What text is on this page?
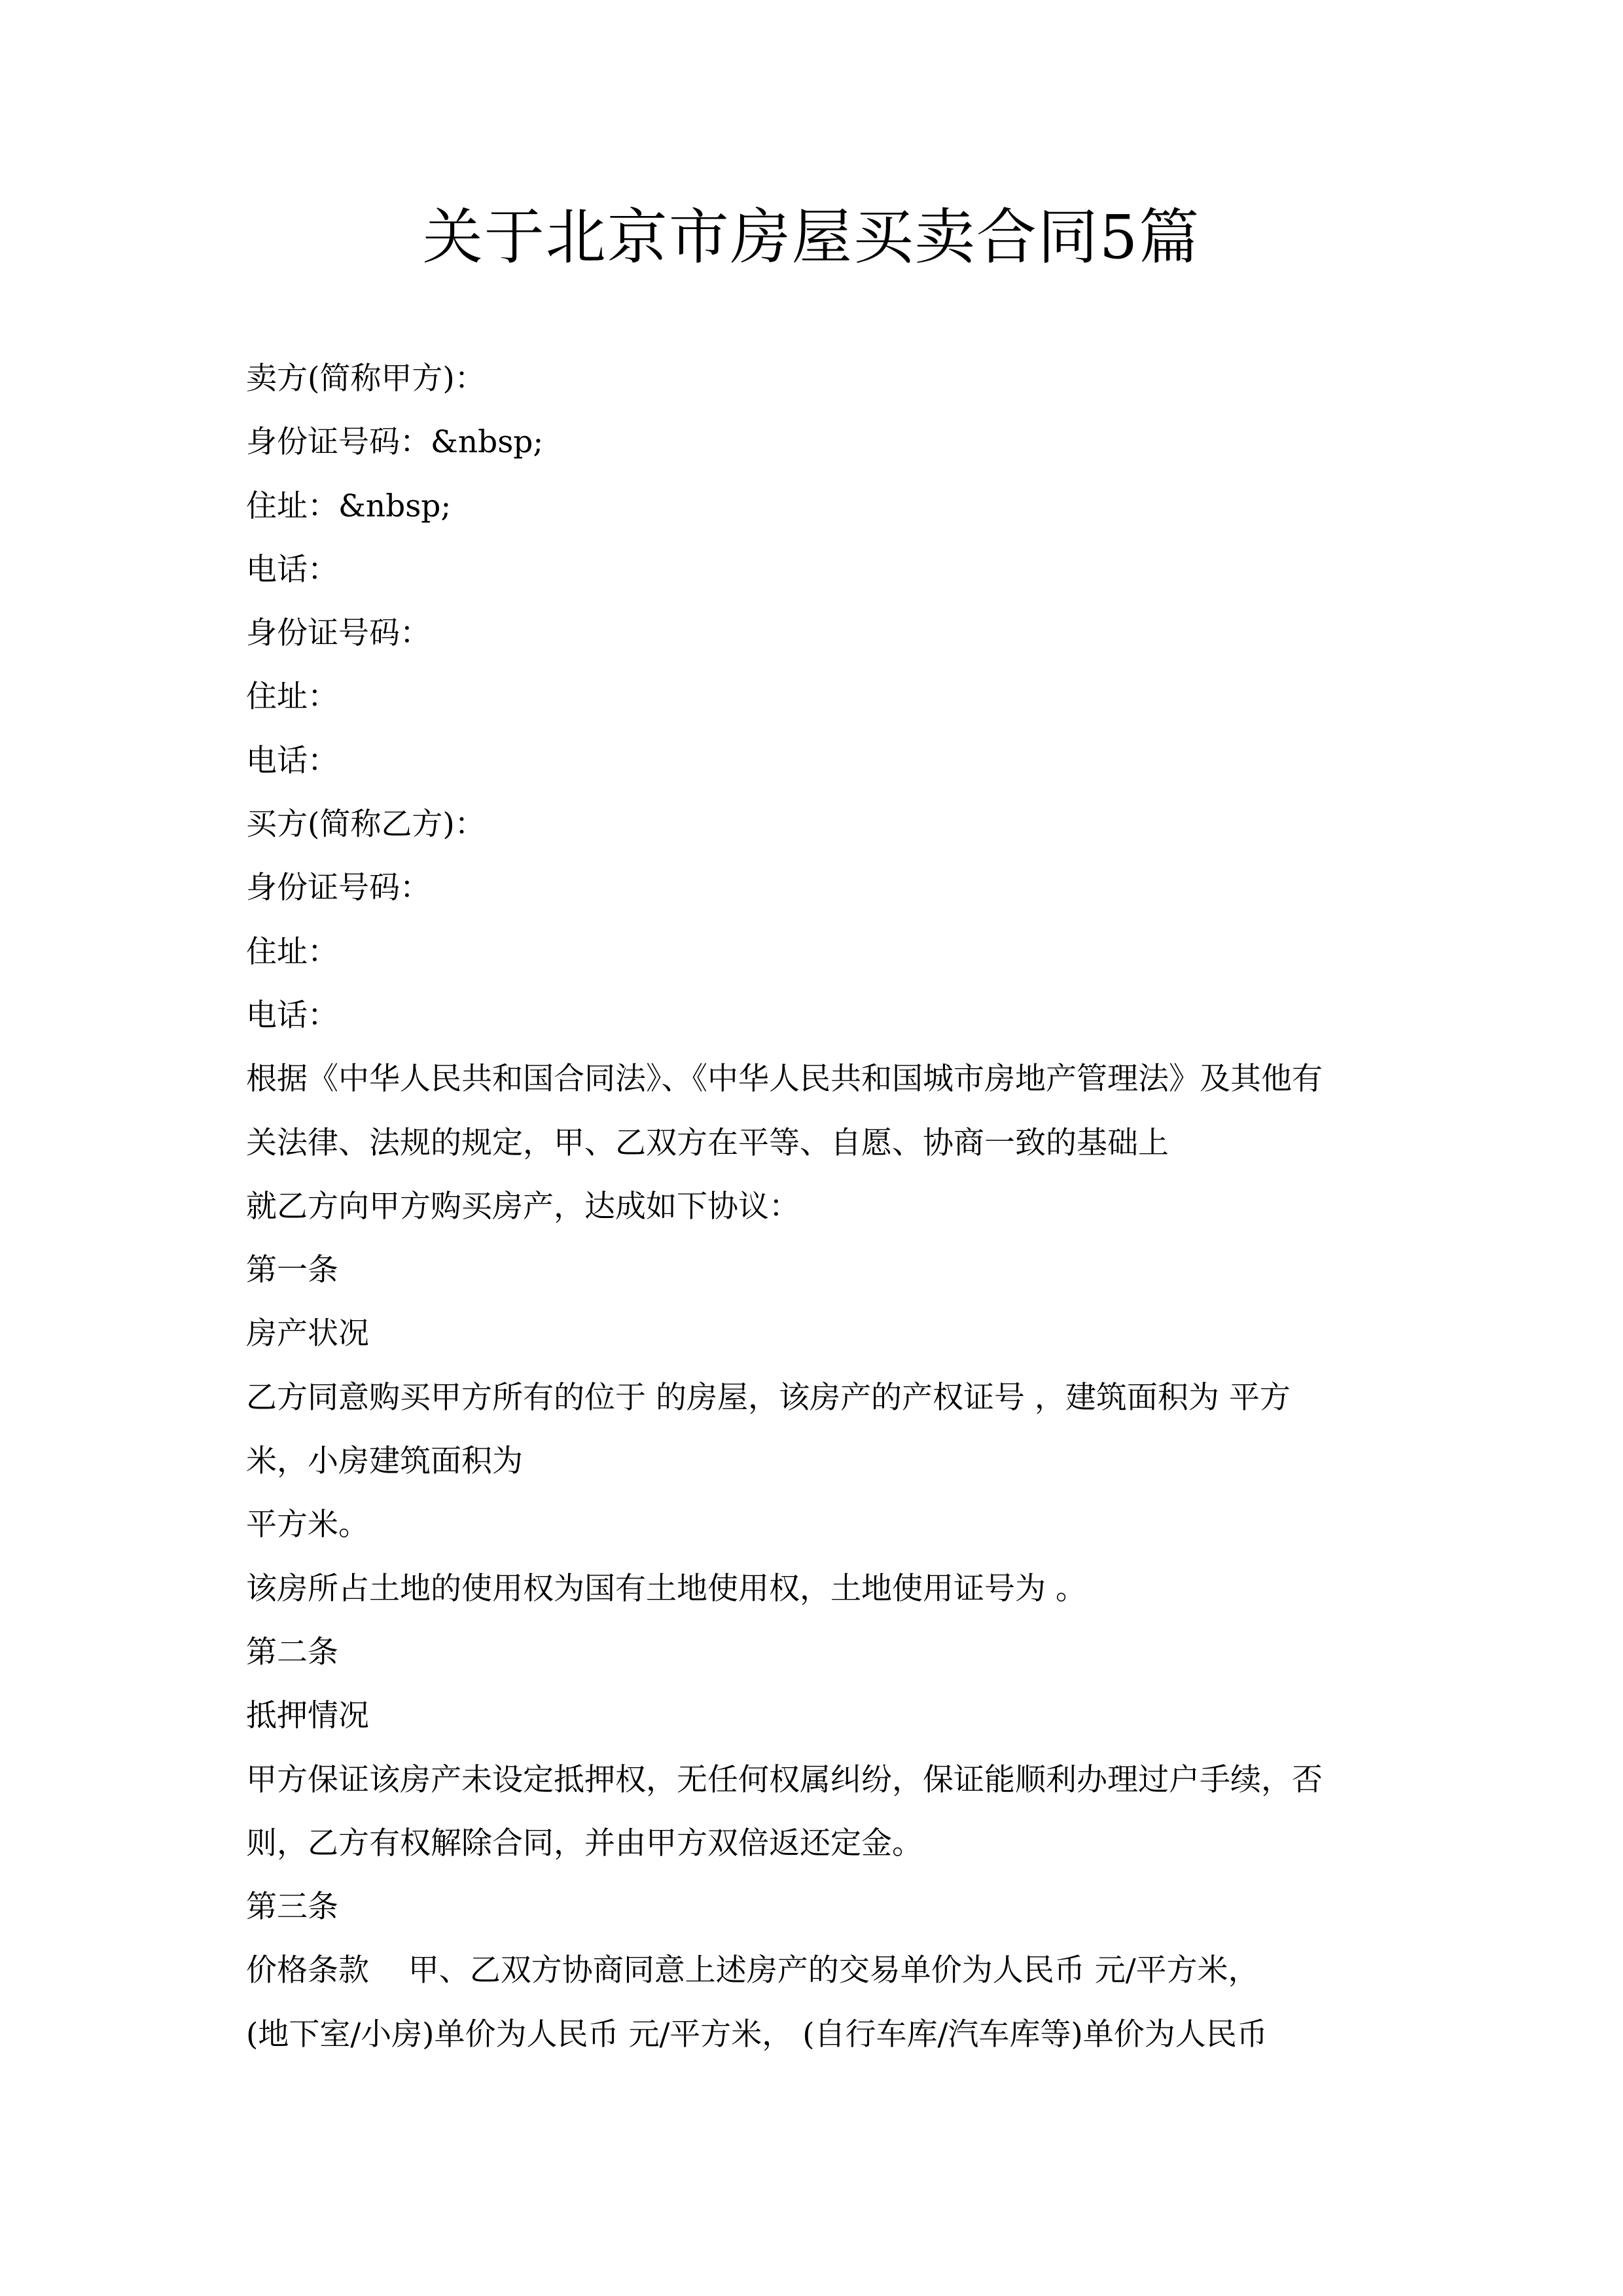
关于北京市房屋买卖合同5篇
卖方(简称甲方)：
身份证号码：&nbsp;
住址：&nbsp;
电话：
身份证号码：
住址：
电话：
买方(简称乙方)：
身份证号码：
住址：
电话：
根据《中华人民共和国合同法》、《中华人民共和国城市房地产管理法》及其他有
关法律、法规的规定，甲、乙双方在平等、自愿、协商一致的基础上
就乙方向甲方购买房产，达成如下协议：
第一条
房产状况
乙方同意购买甲方所有的位于 的房屋，该房产的产权证号 ，建筑面积为 平方
米，小房建筑面积为
平方米。
该房所占土地的使用权为国有土地使用权，土地使用证号为 。
第二条
抵押情况
甲方保证该房产未设定抵押权，无任何权属纠纷，保证能顺利办理过户手续，否
则，乙方有权解除合同，并由甲方双倍返还定金。
第三条
价格条款    甲、乙双方协商同意上述房产的交易单价为人民币 元/平方米，
(地下室/小房)单价为人民币 元/平方米， (自行车库/汽车库等)单价为人民币
